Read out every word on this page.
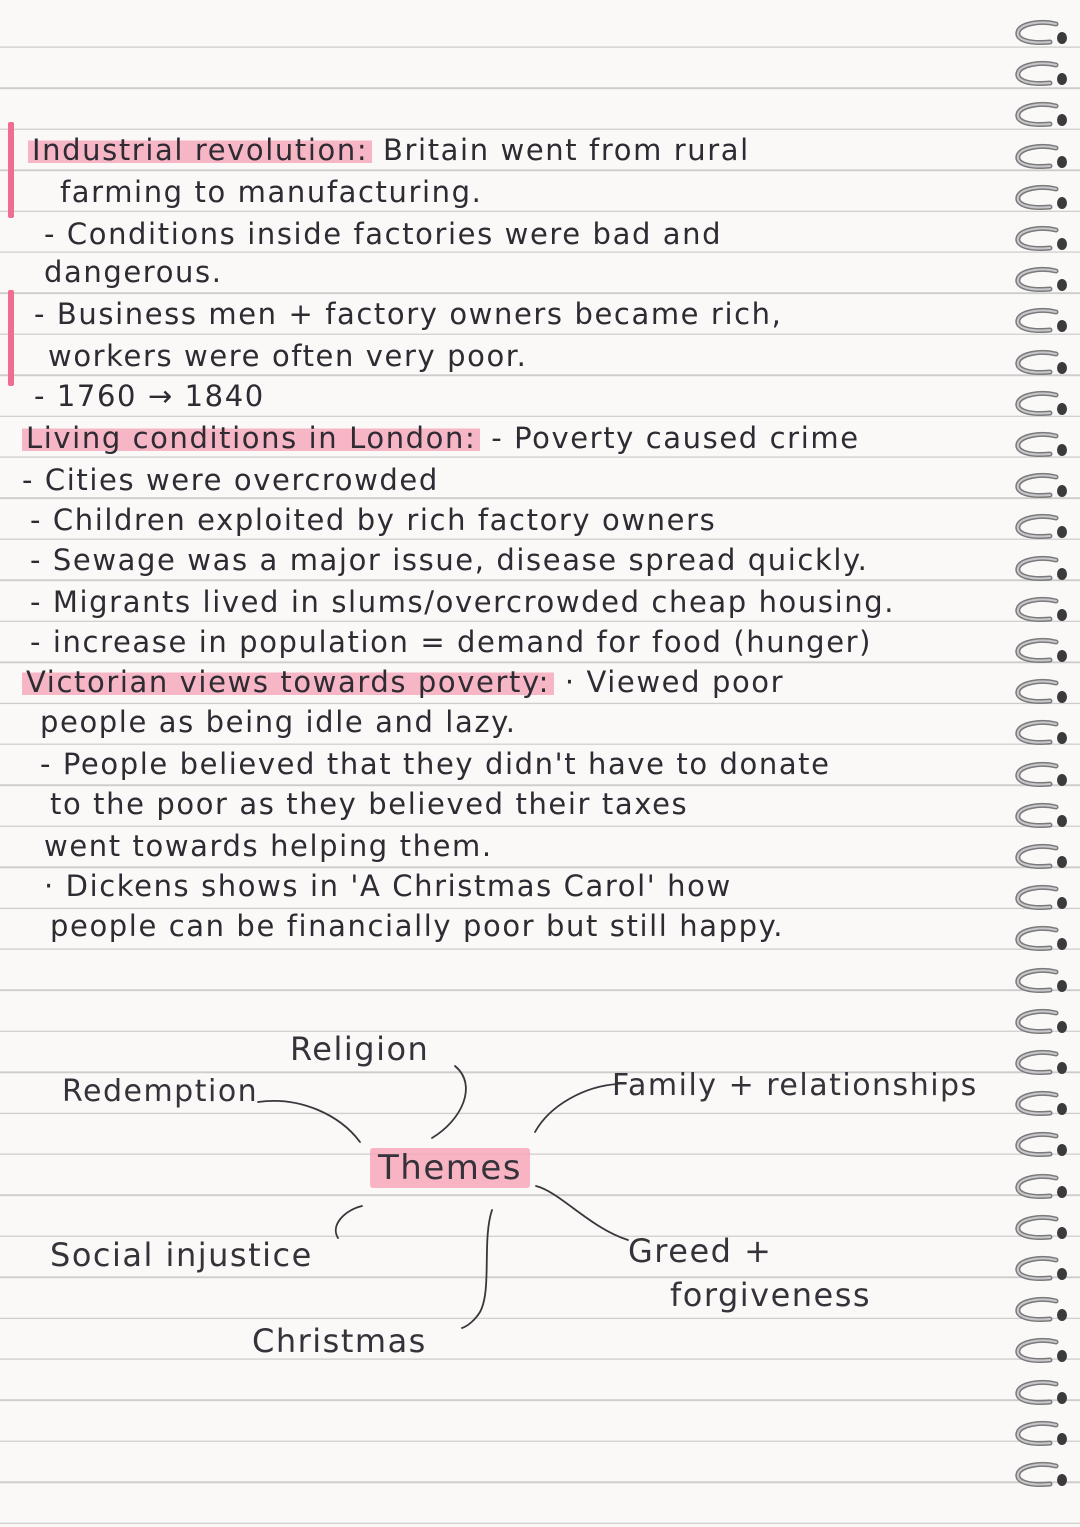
Industrial revolution: Britain went from rural
farming to manufacturing.
- Conditions inside factories were bad and
dangerous.
- Business men + factory owners became rich,
workers were often very poor.
- 1760 → 1840
Living conditions in London: - Poverty caused crime
- Cities were overcrowded
- Children exploited by rich factory owners
- Sewage was a major issue, disease spread quickly.
- Migrants lived in slums/overcrowded cheap housing.
- increase in population = demand for food (hunger)
Victorian views towards poverty: · Viewed poor
people as being idle and lazy.
- People believed that they didn't have to donate
to the poor as they believed their taxes
went towards helping them.
· Dickens shows in 'A Christmas Carol' how
people can be financially poor but still happy.
Religion
Redemption	Family + relationships
Themes
Social injustice	Greed +
forgiveness
Christmas
